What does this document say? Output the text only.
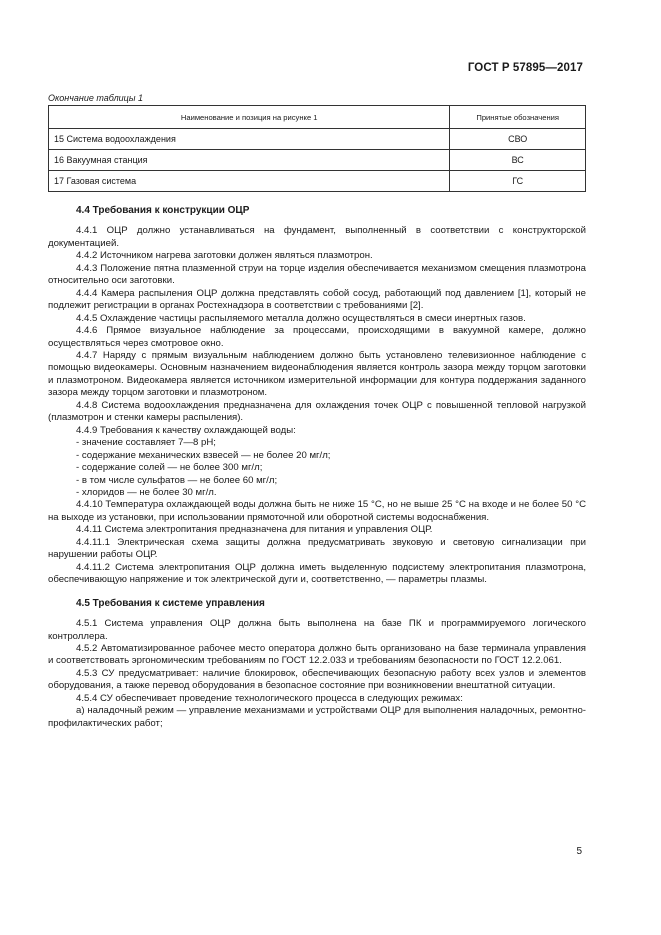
ГОСТ Р 57895—2017
Окончание таблицы 1
Наименование и позиция на рисунке 1	Принятые обозначения
15 Система водоохлаждения	СВО
16 Вакуумная станция	ВС
17 Газовая система	ГС

4.4 Требования к конструкции ОЦР

4.4.1 ОЦР должно устанавливаться на фундамент, выполненный в соответствии с конструкторской документацией.

4.4.2 Источником нагрева заготовки должен являться плазмотрон.

4.4.3 Положение пятна плазменной струи на торце изделия обеспечивается механизмом смещения плазмотрона относительно оси заготовки.

4.4.4 Камера распыления ОЦР должна представлять собой сосуд, работающий под давлением [1], который не подлежит регистрации в органах Ростехнадзора в соответствии с требованиями [2].

4.4.5 Охлаждение частицы распыляемого металла должно осуществляться в смеси инертных газов.

4.4.6 Прямое визуальное наблюдение за процессами, происходящими в вакуумной камере, должно осуществляться через смотровое окно.

4.4.7 Наряду с прямым визуальным наблюдением должно быть установлено телевизионное наблюдение с помощью видеокамеры. Основным назначением видеонаблюдения является контроль зазора между торцом заготовки и плазмотроном. Видеокамера является источником измерительной информации для контура поддержания заданного зазора между торцом заготовки и плазмотроном.

4.4.8 Система водоохлаждения предназначена для охлаждения точек ОЦР с повышенной тепловой нагрузкой (плазмотрон и стенки камеры распыления).

4.4.9 Требования к качеству охлаждающей воды:

- значение составляет 7—8 pH;

- содержание механических взвесей — не более 20 мг/л;

- содержание солей — не более 300 мг/л;

- в том числе сульфатов — не более 60 мг/л;

- хлоридов — не более 30 мг/л.

4.4.10 Температура охлаждающей воды должна быть не ниже 15 °С, но не выше 25 °С на входе и не более 50 °С на выходе из установки, при использовании прямоточной или оборотной системы водоснабжения.

4.4.11 Система электропитания предназначена для питания и управления ОЦР.

4.4.11.1 Электрическая схема защиты должна предусматривать звуковую и световую сигнализации при нарушении работы ОЦР.

4.4.11.2 Система электропитания ОЦР должна иметь выделенную подсистему электропитания плазмотрона, обеспечивающую напряжение и ток электрической дуги и, соответственно, — параметры плазмы.

4.5 Требования к системе управления

4.5.1 Система управления ОЦР должна быть выполнена на базе ПК и программируемого логического контроллера.

4.5.2 Автоматизированное рабочее место оператора должно быть организовано на базе терминала управления и соответствовать эргономическим требованиям по ГОСТ 12.2.033 и требованиям безопасности по ГОСТ 12.2.061.

4.5.3 СУ предусматривает: наличие блокировок, обеспечивающих безопасную работу всех узлов и элементов оборудования, а также перевод оборудования в безопасное состояние при возникновении внештатной ситуации.

4.5.4 СУ обеспечивает проведение технологического процесса в следующих режимах:

а) наладочный режим — управление механизмами и устройствами ОЦР для выполнения наладочных, ремонтно-профилактических работ;

5
